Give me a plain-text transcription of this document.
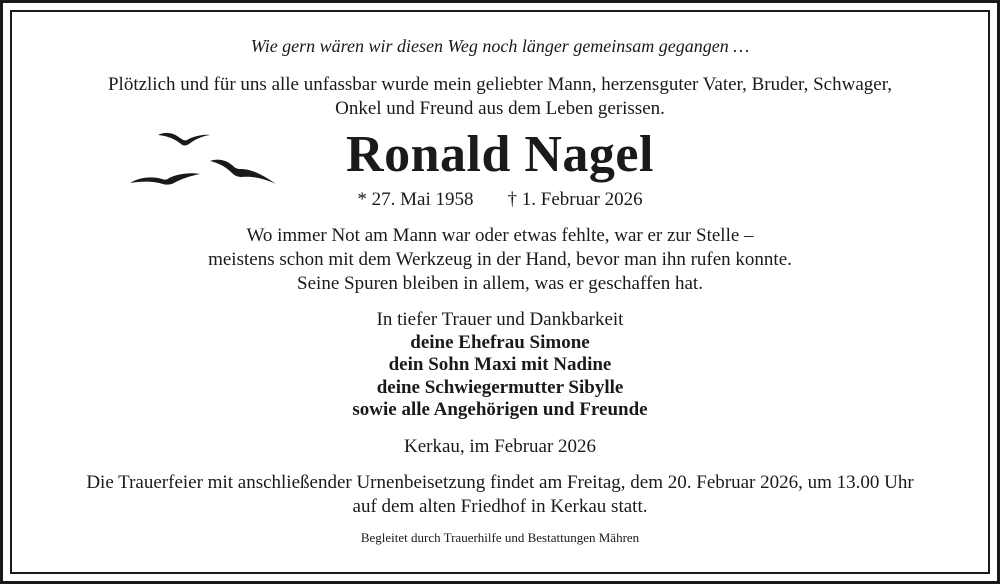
Wie gern wären wir diesen Weg noch länger gemeinsam gegangen …
Plötzlich und für uns alle unfassbar wurde mein geliebter Mann, herzensguter Vater, Bruder, Schwager,
Onkel und Freund aus dem Leben gerissen.
Ronald Nagel
* 27. Mai 1958 † 1. Februar 2026
Wo immer Not am Mann war oder etwas fehlte, war er zur Stelle –
meistens schon mit dem Werkzeug in der Hand, bevor man ihn rufen konnte.
Seine Spuren bleiben in allem, was er geschaffen hat.
In tiefer Trauer und Dankbarkeit
deine Ehefrau Simone
dein Sohn Maxi mit Nadine
deine Schwiegermutter Sibylle
sowie alle Angehörigen und Freunde
Kerkau, im Februar 2026
Die Trauerfeier mit anschließender Urnenbeisetzung findet am Freitag, dem 20. Februar 2026, um 13.00 Uhr
auf dem alten Friedhof in Kerkau statt.
Begleitet durch Trauerhilfe und Bestattungen Mähren
